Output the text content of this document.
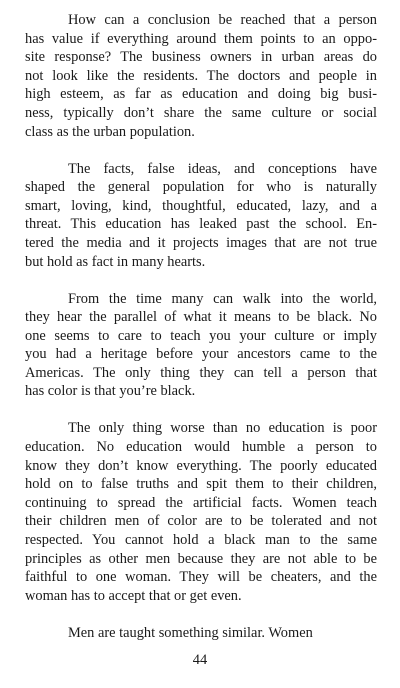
How can a conclusion be reached that a person
has value if everything around them points to an oppo-
site response? The business owners in urban areas do
not look like the residents. The doctors and people in
high esteem, as far as education and doing big busi-
ness, typically don’t share the same culture or social
class as the urban population.
The facts, false ideas, and conceptions have
shaped the general population for who is naturally
smart, loving, kind, thoughtful, educated, lazy, and a
threat. This education has leaked past the school. En-
tered the media and it projects images that are not true
but hold as fact in many hearts.
From the time many can walk into the world,
they hear the parallel of what it means to be black. No
one seems to care to teach you your culture or imply
you had a heritage before your ancestors came to the
Americas. The only thing they can tell a person that
has color is that you’re black.
The only thing worse than no education is poor
education. No education would humble a person to
know they don’t know everything. The poorly educated
hold on to false truths and spit them to their children,
continuing to spread the artificial facts. Women teach
their children men of color are to be tolerated and not
respected. You cannot hold a black man to the same
principles as other men because they are not able to be
faithful to one woman. They will be cheaters, and the
woman has to accept that or get even.
Men are taught something similar. Women
44
